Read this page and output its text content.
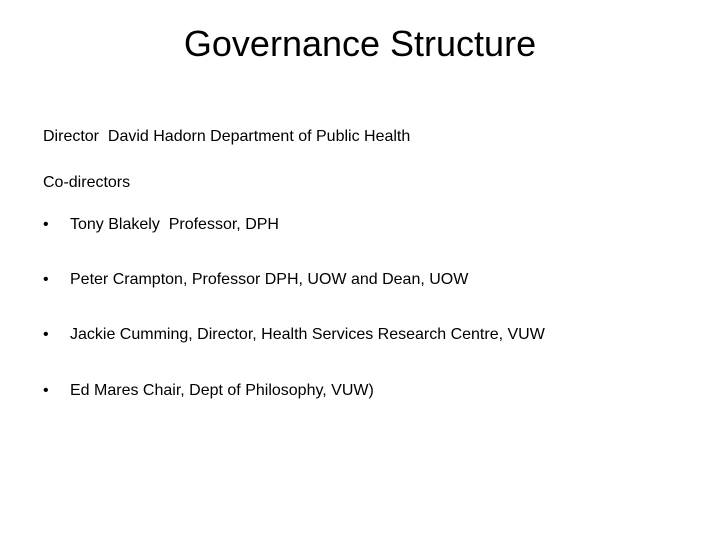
Governance Structure
Director  David Hadorn Department of Public Health
Co-directors

•

	Tony Blakely  Professor, DPH

•

	Peter Crampton, Professor DPH, UOW and Dean, UOW

•

	Jackie Cumming, Director, Health Services Research Centre, VUW

•

	Ed Mares Chair, Dept of Philosophy, VUW)
